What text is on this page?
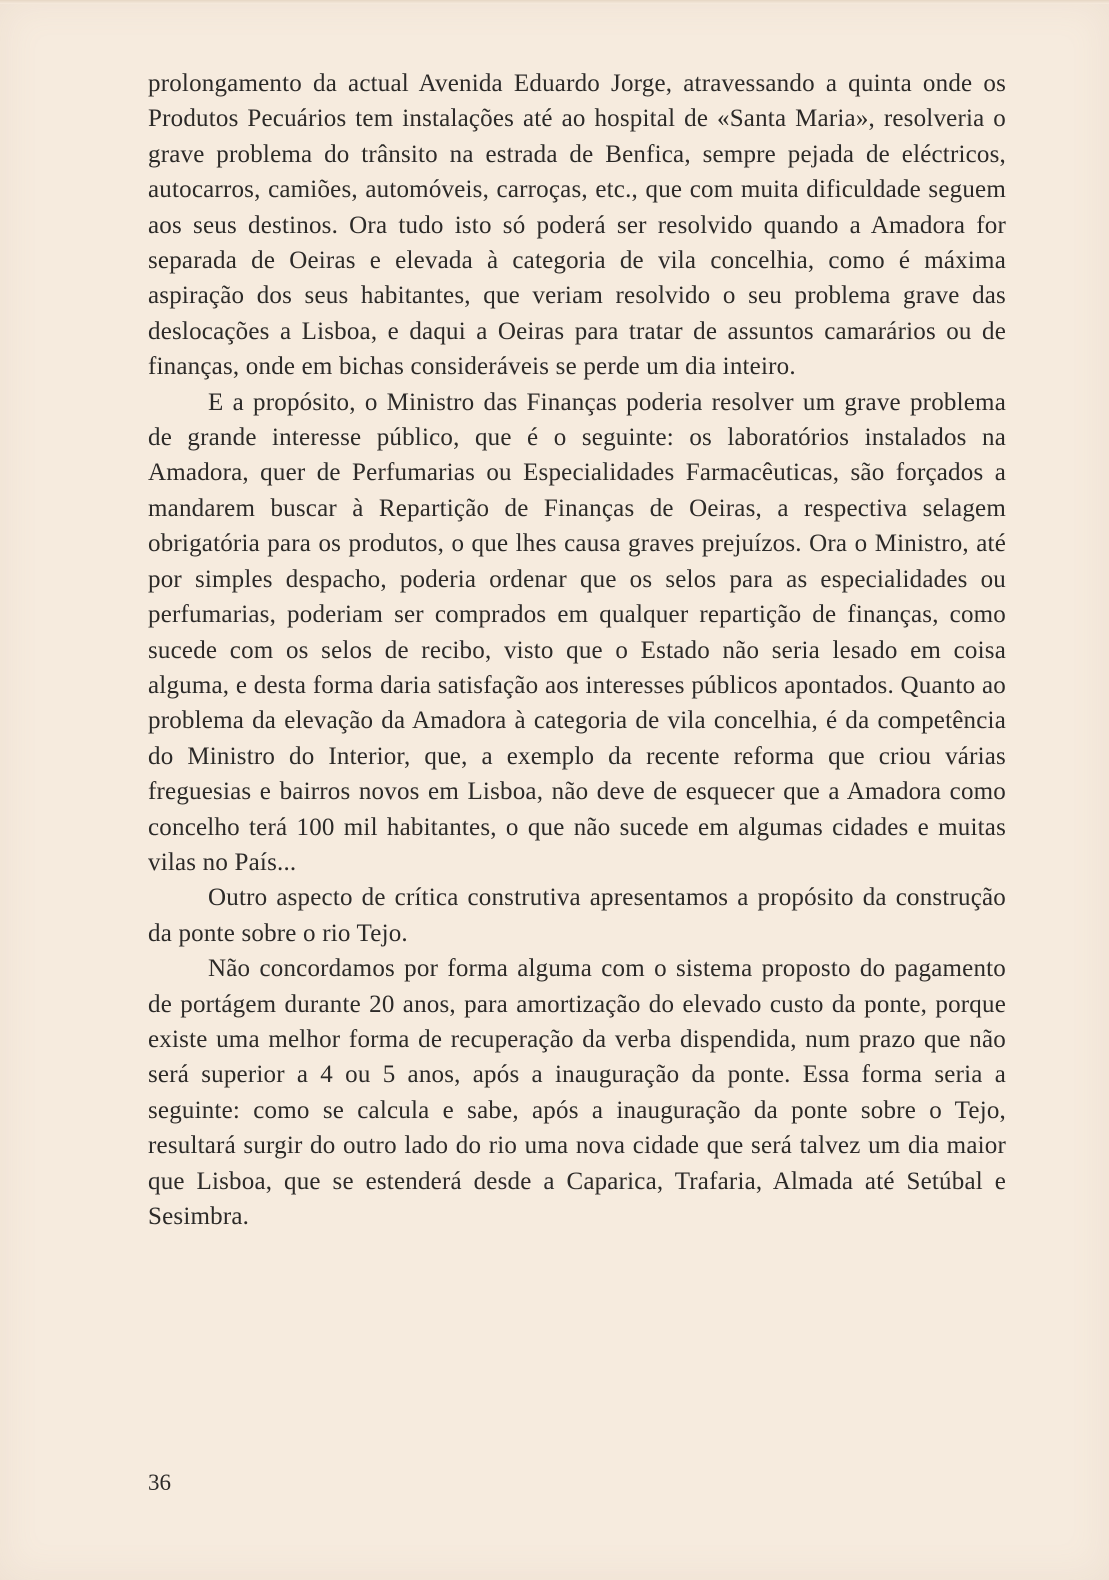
prolongamento da actual Avenida Eduardo Jorge, atravessando a quinta onde os Produtos Pecuários tem instalações até ao hospital de «Santa Maria», resolveria o grave problema do trânsito na estrada de Benfica, sempre pejada de eléctricos, autocarros, camiões, automóveis, carroças, etc., que com muita dificuldade seguem aos seus destinos. Ora tudo isto só poderá ser resolvido quando a Amadora for separada de Oeiras e elevada à categoria de vila concelhia, como é máxima aspiração dos seus habitantes, que veriam resolvido o seu problema grave das deslocações a Lisboa, e daqui a Oeiras para tratar de assuntos camarários ou de finanças, onde em bichas consideráveis se perde um dia inteiro.

E a propósito, o Ministro das Finanças poderia resolver um grave problema de grande interesse público, que é o seguinte: os laboratórios instalados na Amadora, quer de Perfumarias ou Especialidades Farmacêuticas, são forçados a mandarem buscar à Repartição de Finanças de Oeiras, a respectiva selagem obrigatória para os produtos, o que lhes causa graves prejuízos. Ora o Ministro, até por simples despacho, poderia ordenar que os selos para as especialidades ou perfumarias, poderiam ser comprados em qualquer repartição de finanças, como sucede com os selos de recibo, visto que o Estado não seria lesado em coisa alguma, e desta forma daria satisfação aos interesses públicos apontados. Quanto ao problema da elevação da Amadora à categoria de vila concelhia, é da competência do Ministro do Interior, que, a exemplo da recente reforma que criou várias freguesias e bairros novos em Lisboa, não deve de esquecer que a Amadora como concelho terá 100 mil habitantes, o que não sucede em algumas cidades e muitas vilas no País...

Outro aspecto de crítica construtiva apresentamos a propósito da construção da ponte sobre o rio Tejo.

Não concordamos por forma alguma com o sistema proposto do pagamento de portágem durante 20 anos, para amortização do elevado custo da ponte, porque existe uma melhor forma de recuperação da verba dispendida, num prazo que não será superior a 4 ou 5 anos, após a inauguração da ponte. Essa forma seria a seguinte: como se calcula e sabe, após a inauguração da ponte sobre o Tejo, resultará surgir do outro lado do rio uma nova cidade que será talvez um dia maior que Lisboa, que se estenderá desde a Caparica, Trafaria, Almada até Setúbal e Sesimbra.

36
